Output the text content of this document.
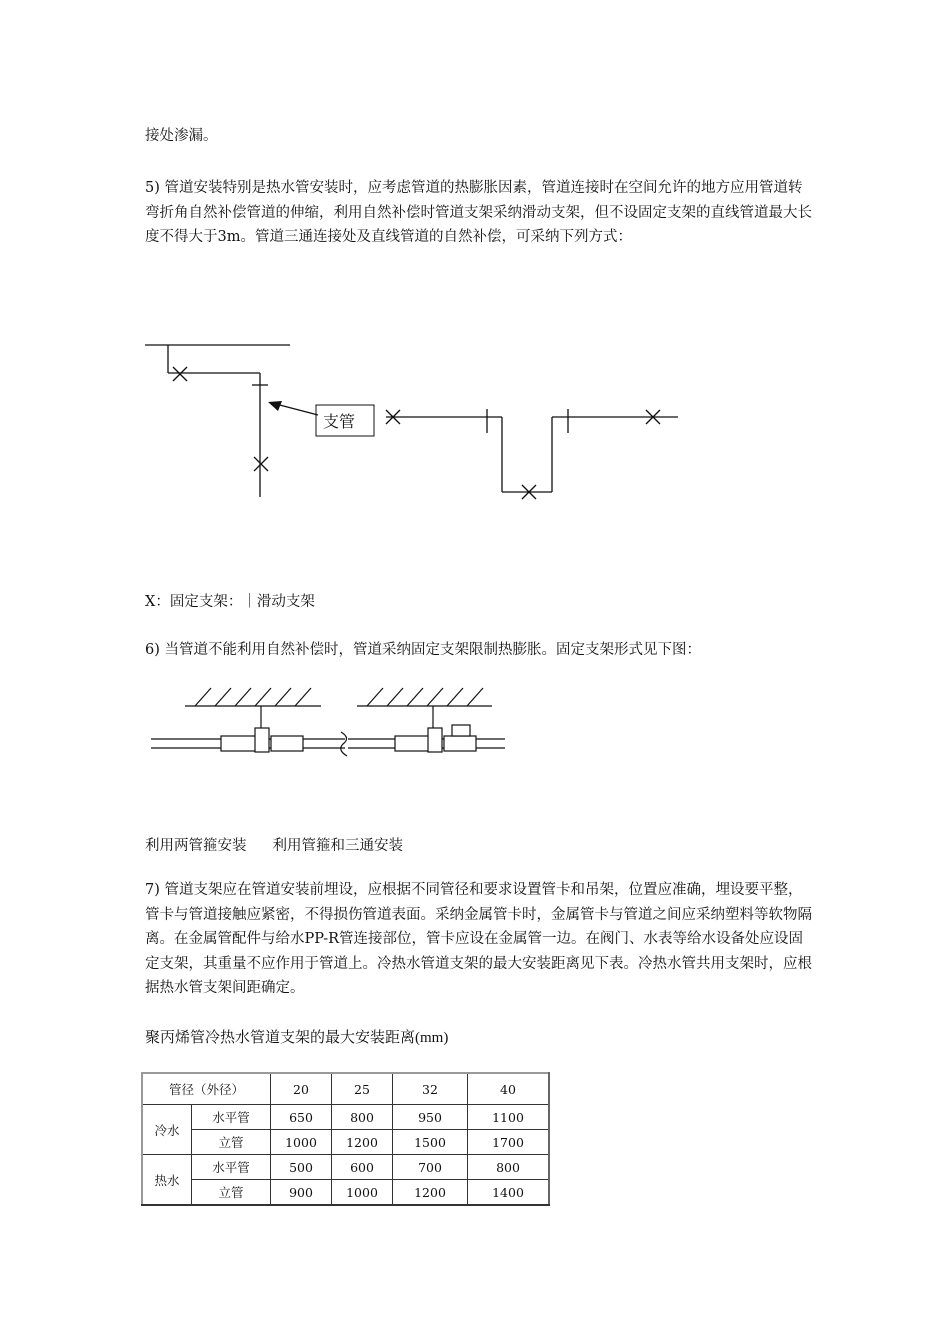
接处渗漏。

5) 管道安装特别是热水管安装时，应考虑管道的热膨胀因素，管道连接时在空间允许的地方应用管道转弯折角自然补偿管道的伸缩，利用自然补偿时管道支架采纳滑动支架，但不设固定支架的直线管道最大长度不得大于3m。管道三通连接处及直线管道的自然补偿，可采纳下列方式：

支管
X：固定支架：｜滑动支架

6) 当管道不能利用自然补偿时，管道采纳固定支架限制热膨胀。固定支架形式见下图：

利用两管箍安装 利用管箍和三通安装

7) 管道支架应在管道安装前埋设，应根据不同管径和要求设置管卡和吊架，位置应准确，埋设要平整，管卡与管道接触应紧密，不得损伤管道表面。采纳金属管卡时，金属管卡与管道之间应采纳塑料等软物隔离。在金属管配件与给水PP-R管连接部位，管卡应设在金属管一边。在阀门、水表等给水设备处应设固定支架，其重量不应作用于管道上。冷热水管道支架的最大安装距离见下表。冷热水管共用支架时，应根据热水管支架间距确定。

聚丙烯管冷热水管道支架的最大安装距离(mm)
管径（外径）		20	25	32	40
冷水	水平管	650	800	950	1100
	立管	1000	1200	1500	1700
热水	水平管	500	600	700	800
	立管	900	1000	1200	1400
